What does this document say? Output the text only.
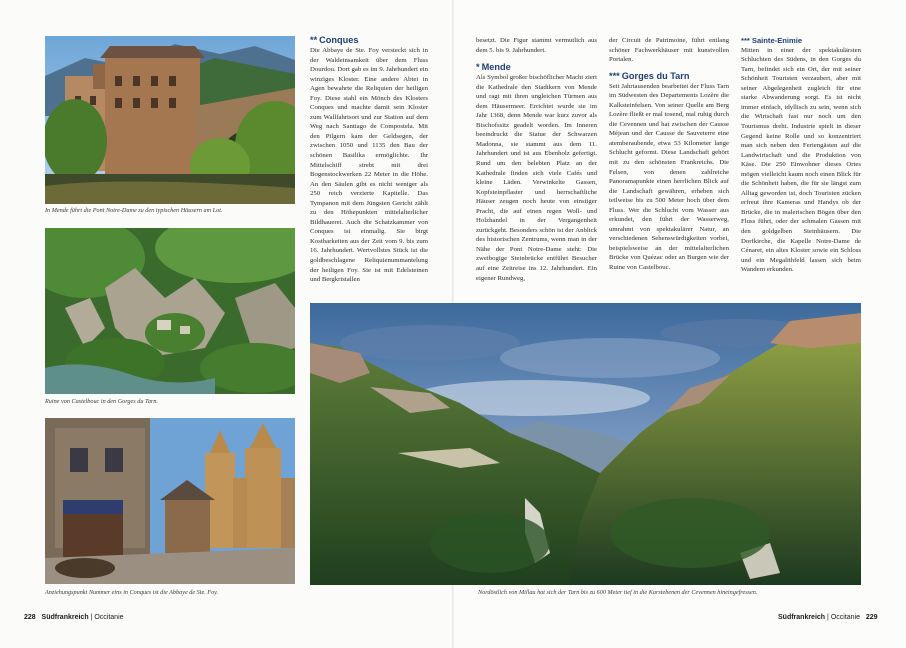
In Mende führt die Pont Notre-Dame zu den typischen Häusern am Lot.
Ruine von Castelbouc in den Gorges du Tarn.
Anziehungspunkt Nummer eins in Conques ist die Abbaye de Ste. Foy.
** Conques

Die Abbaye de Ste. Foy versteckt sich in der Waldeinsamkeit über dem Fluss Dourdou. Dort gab es im 9. Jahrhundert ein winziges Kloster. Eine andere Abtei in Agen bewahrte die Reliquien der heiligen Foy. Diese stahl ein Mönch des Klosters Conques und machte damit sein Kloster zum Wallfahrtsort und zur Station auf dem Weg nach Santiago de Compostela. Mit den Pilgern kam der Geldsegen, der zwischen 1050 und 1135 den Bau der schönen Basilika ermöglichte. Ihr Mittelschiff strebt mit drei Bogenstockwerken 22 Meter in die Höhe. An den Säulen gibt es nicht weniger als 250 reich verzierte Kapitelle. Das Tympanon mit dem Jüngsten Gericht zählt zu den Höhepunkten mittelalterlicher Bildhauerei. Auch die Schatzkammer von Conques ist einmalig. Sie birgt Kostbarkeiten aus der Zeit vom 9. bis zum 16. Jahrhundert. Wertvollstes Stück ist die goldbeschlagene Reliquienummantelung der heiligen Foy. Sie ist mit Edelsteinen und Bergkristallen

besetzt. Die Figur stammt vermutlich aus dem 5. bis 9. Jahrhundert.

* Mende

Als Symbol großer bischöflicher Macht ziert die Kathedrale den Stadtkern von Mende und ragt mit ihren ungleichen Türmen aus dem Häusermeer. Errichtet wurde sie im Jahr 1368, denn Mende war kurz zuvor als Bischofssitz geadelt worden. Im Inneren beeindruckt die Statue der Schwarzen Madonna, sie stammt aus dem 11. Jahrhundert und ist aus Ebenholz gefertigt. Rund um den belebten Platz an der Kathedrale finden sich viele Cafés und kleine Läden. Verwinkelte Gassen, Kopfsteinpflaster und herrschaftliche Häuser zeugen noch heute von einstiger Pracht, die auf einen regen Woll- und Holzhandel in der Vergangenheit zurückgeht. Besonders schön ist der Anblick des historischen Zentrums, wenn man in der Nähe der Pont Notre-Dame steht: Die zweibogige Steinbrücke entführt Besucher auf eine Zeitreise ins 12. Jahrhundert. Ein eigener Rundweg,

der Circuit de Patrimoine, führt entlang schöner Fachwerkhäuser mit kunstvollen Portalen.

*** Gorges du Tarn

Seit Jahrtausenden bearbeitet der Fluss Tarn im Südwesten des Departements Lozère die Kalksteinfelsen. Von seiner Quelle am Berg Lozère fließt er mal tosend, mal ruhig durch die Cevennen und hat zwischen der Causse Méjean und der Causse de Sauveterre eine atemberaubende, etwa 53 Kilometer lange Schlucht geformt. Diese Landschaft gehört mit zu den schönsten Frankreichs. Die Felsen, von denen zahlreiche Panoramapunkte einen herrlichen Blick auf die Landschaft gewähren, erheben sich teilweise bis zu 500 Meter hoch über dem Fluss. Wer die Schlucht vom Wasser aus erkundet, den führt der Wasserweg, umrahmt von spektakulärer Natur, an verschiedenen Sehenswürdigkeiten vorbei, beispielsweise an der mittelalterlichen Brücke von Quézac oder an Burgen wie der Ruine von Castelbouc.

*** Sainte-Enimie

Mitten in einer der spektakulärsten Schluchten des Südens, in den Gorges du Tarn, befindet sich ein Ort, der mit seiner Schönheit Touristen verzaubert, aber mit seiner Abgelegenheit zugleich für eine starke Abwanderung sorgt. Es ist nicht immer einfach, idyllisch zu sein, wenn sich die Wirtschaft fast nur noch um den Tourismus dreht. Industrie spielt in dieser Gegend keine Rolle und so konzentriert man sich neben den Feriengästen auf die Landwirtschaft und die Produktion von Käse. Die 250 Einwohner dieses Ortes mögen vielleicht kaum noch einen Blick für die Schönheit haben, die für sie längst zum Alltag geworden ist, doch Touristen zücken erfreut ihre Kameras und Handys ob der Brücke, die in malerischen Bögen über den Fluss führt, oder der schmalen Gassen mit den goldgelben Steinhäusern. Die Dorfkirche, die Kapelle Notre-Dame de Cénaret, ein altes Kloster sowie ein Schloss und ein Megalithfeld lassen sich beim Wandern erkunden.

Nordöstlich von Millau hat sich der Tarn bis zu 600 Meter tief in die Karstebenen der Cevennen hineingefressen.
228 Südfrankreich | Occitanie	Südfrankreich | Occitanie 229
